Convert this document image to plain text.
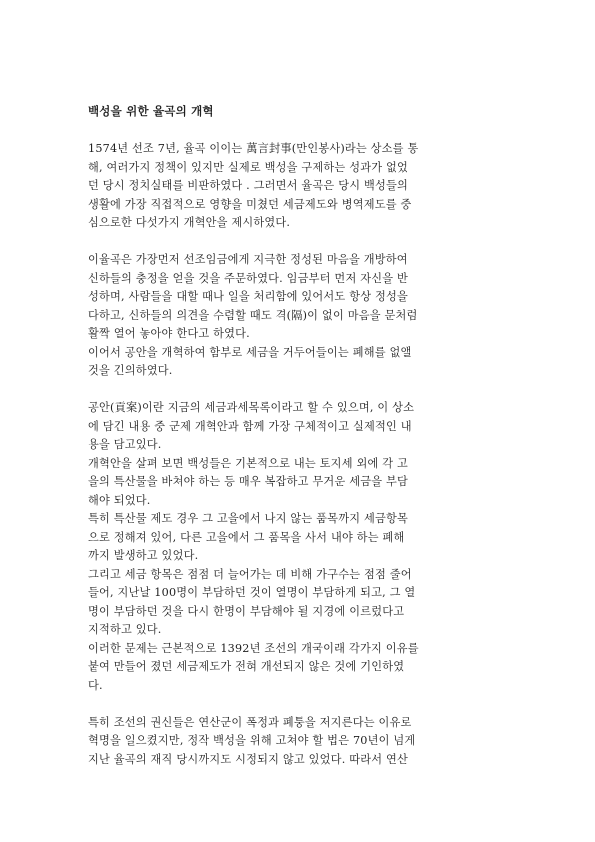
백성을 위한 율곡의 개혁
1574년 선조 7년, 율곡 이이는 萬言封事(만인봉사)라는 상소를 통
해, 여러가지 정책이 있지만 실제로 백성을 구제하는 성과가 없었
던 당시 정치실태를 비판하였다 . 그러면서 율곡은 당시 백성들의
생활에 가장 직접적으로 영향을 미쳤던 세금제도와 병역제도를 중
심으로한 다섯가지 개혁안을 제시하였다.
이율곡은 가장먼저 선조임금에게 지극한 정성된 마음을 개방하여
신하들의 충정을 얻을 것을 주문하였다. 임금부터 먼저 자신을 반
성하며, 사람들을 대할 때나 일을 처리함에 있어서도 항상 정성을
다하고, 신하들의 의견을 수렴할 때도 격(隔)이 없이 마음을 문처럼
활짝 열어 놓아야 한다고 하였다.
이어서 공안을 개혁하여 함부로 세금을 거두어들이는 폐해를 없앨
것을 긴의하였다.
공안(貢案)이란 지금의 세금과세목록이라고 할 수 있으며, 이 상소
에 담긴 내용 중 군제 개혁안과 함께 가장 구체적이고 실제적인 내
용을 담고있다.
개혁안을 살펴 보면 백성들은 기본적으로 내는 토지세 외에 각 고
을의 특산물을 바쳐야 하는 등 매우 복잡하고 무거운 세금을 부담
해야 되었다.
특히 특산물 제도 경우 그 고을에서 나지 않는 품목까지 세금항목
으로 정해져 있어, 다른 고을에서 그 품목을 사서 내야 하는 폐해
까지 발생하고 있었다.
그리고 세금 항목은 점점 더 늘어가는 데 비해 가구수는 점점 줄어
들어, 지난날 100명이 부담하던 것이 열명이 부담하게 되고, 그 열
명이 부담하던 것을 다시 한명이 부담해야 될 지경에 이르렀다고
지적하고 있다.
이러한 문제는 근본적으로 1392년 조선의 개국이래 각가지 이유를
붙여 만들어 졌던 세금제도가 전혀 개선되지 않은 것에 기인하였
다.
특히 조선의 권신들은 연산군이 폭정과 폐퉁을 저지른다는 이유로
혁명을 일으켰지만, 정작 백성을 위해 고쳐야 할 법은 70년이 넘게
지난 율곡의 재직 당시까지도 시정되지 않고 있었다. 따라서 연산
